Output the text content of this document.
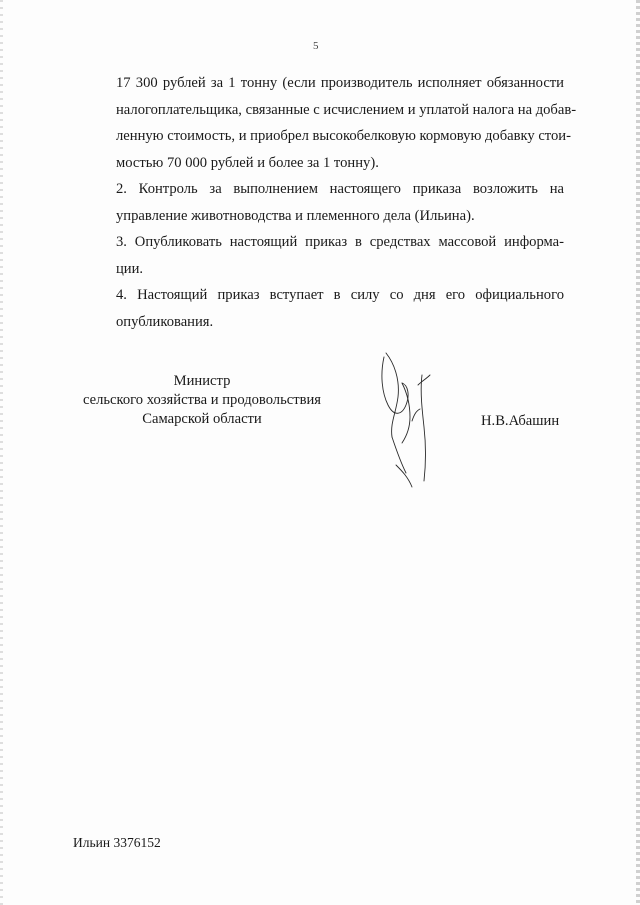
5

17 300 рублей за 1 тонну (если производитель исполняет обязанности
налогоплательщика, связанные с исчислением и уплатой налога на добав-
ленную стоимость, и приобрел высокобелковую кормовую добавку стои-
мостью 70 000 рублей и более за 1 тонну).

2. Контроль за выполнением настоящего приказа возложить на
управление животноводства и племенного дела (Ильина).

3. Опубликовать настоящий приказ в средствах массовой информа-
ции.

4. Настоящий приказ вступает в силу со дня его официального
опубликования.

Министр
сельского хозяйства и продовольствия
Самарской области	Н.В.Абашин
Ильин 3376152
